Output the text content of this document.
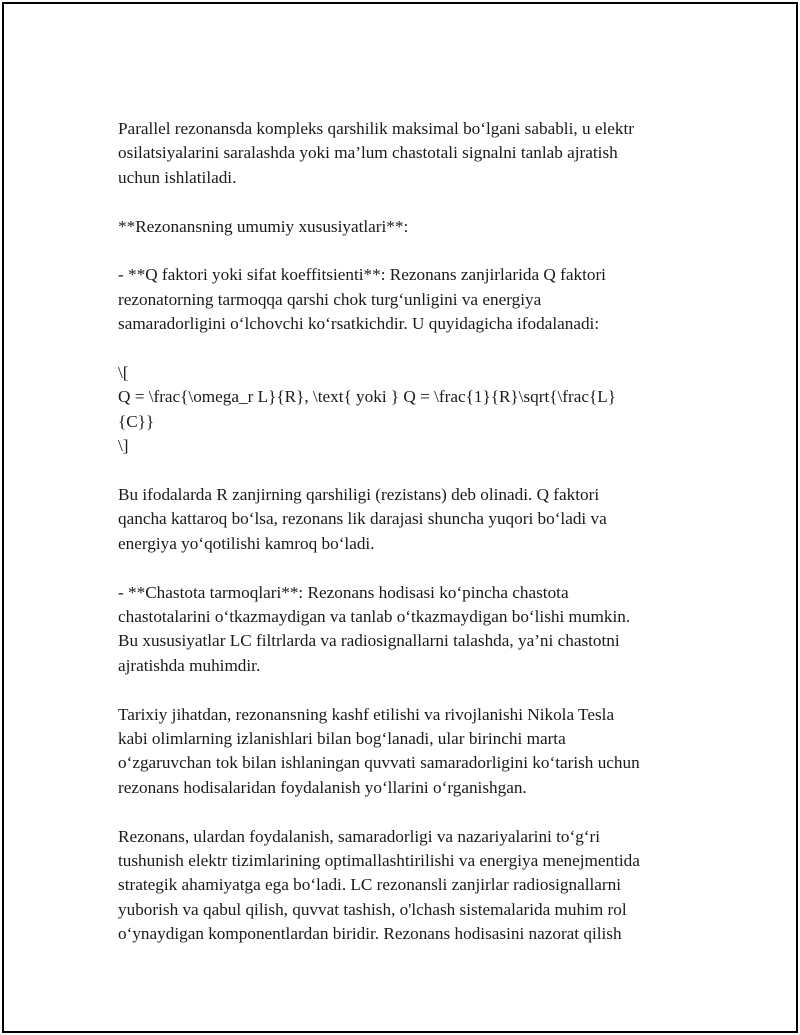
Parallel rezonansda kompleks qarshilik maksimal bo‘lgani sababli, u elektr
osilatsiyalarini saralashda yoki ma’lum chastotali signalni tanlab ajratish
uchun ishlatiladi.

**Rezonansning umumiy xususiyatlari**:

- **Q faktori yoki sifat koeffitsienti**: Rezonans zanjirlarida Q faktori
rezonatorning tarmoqqa qarshi chok turg‘unligini va energiya
samaradorligini o‘lchovchi ko‘rsatkichdir. U quyidagicha ifodalanadi:

\[
Q = \frac{\omega_r L}{R}, \text{ yoki } Q = \frac{1}{R}\sqrt{\frac{L}
{C}}
\]

Bu ifodalarda R zanjirning qarshiligi (rezistans) deb olinadi. Q faktori
qancha kattaroq bo‘lsa, rezonans lik darajasi shuncha yuqori bo‘ladi va
energiya yo‘qotilishi kamroq bo‘ladi.

- **Chastota tarmoqlari**: Rezonans hodisasi ko‘pincha chastota
chastotalarini o‘tkazmaydigan va tanlab o‘tkazmaydigan bo‘lishi mumkin.
Bu xususiyatlar LC filtrlarda va radiosignallarni talashda, ya’ni chastotni
ajratishda muhimdir.

Tarixiy jihatdan, rezonansning kashf etilishi va rivojlanishi Nikola Tesla
kabi olimlarning izlanishlari bilan bog‘lanadi, ular birinchi marta
o‘zgaruvchan tok bilan ishlaningan quvvati samaradorligini ko‘tarish uchun
rezonans hodisalaridan foydalanish yo‘llarini o‘rganishgan.

Rezonans, ulardan foydalanish, samaradorligi va nazariyalarini to‘g‘ri
tushunish elektr tizimlarining optimallashtirilishi va energiya menejmentida
strategik ahamiyatga ega bo‘ladi. LC rezonansli zanjirlar radiosignallarni
yuborish va qabul qilish, quvvat tashish, o'lchash sistemalarida muhim rol
o‘ynaydigan komponentlardan biridir. Rezonans hodisasini nazorat qilish
